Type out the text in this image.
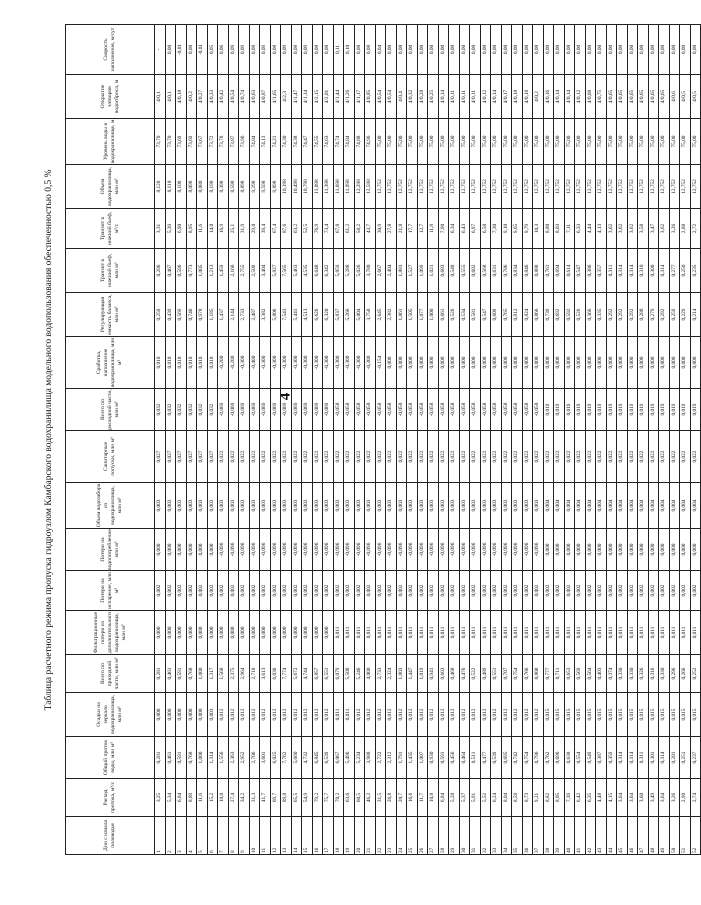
4
Таблица расчетного режима пропуска гидроузлом Камбарского водохранилища модельного водопользования обеспеченностью 0,5 %
Дни с начала половодья	Расход притока, м³/с	Общий приток воды, млн м³	Осадки на зеркало водохранилища, млн м³	Всего по приходной части, млн м³	Фильтрационные потери из дополнительного водохранилища, млн м³	Потери на испарение, млн м³	Потери на водопотребление, млн м³	Объем водозабора из водохранилища, млн м³	Санитарные попуски, млн м³	Всего по расходной части, млн м³	Сработка, наполнение водохранилища, млн м³	Регулирующая емкость баланса, млн м³	Транзит в нижний бьеф, млн м³	Транзит в нижний бьеф, м³/с	Объем водохранилища, млн м³	Уровень воды в водохранилище, м	Открытие затворов водосброса, м	Скорость наполнения, м/сут
1	3,25	0,281	0,000	0,281	0,000	0,002	0,000	0,003	0,027	0,032	0,010	0,259	0,286	3,31	8,128	73,70	4/0,1	-
2	5,34	0,461	0,000	0,461	0,000	0,002	0,000	0,003	0,027	0,032	0,010	0,439	0,467	5,39	8,118	73,70	4/0,1	0,00
3	6,84	0,591	0,000	0,591	0,000	0,002	0,000	0,003	0,027	0,032	0,010	0,569	0,596	6,90	8,108	73,69	4/0,18	-0,01
4	8,89	0,768	0,000	0,768	0,000	0,002	0,000	0,003	0,027	0,032	0,010	0,746	0,773	8,95	8,098	73,69	4/0,2	0,00
5	11,6	1,000	0,000	1,000	0,000	0,002	0,000	0,003	0,027	0,032	0,010	0,978	1,005	11,6	8,088	73,67	4/0,27	-0,01
6	15,2	1,314	0,003	1,317	0,000	0,002	0,000	0,003	0,027	0,032	0,010	1,185	1,213	14,0	8,198	73,72	4/0,33	0,05
7	18,0	1,556	0,012	1,568	0,000	0,002	-0,096	0,003	0,022	-0,069	-0,200	1,437	1,459	16,9	8,398	73,78	4/0,42	0,06
8	27,4	2,363	0,012	2,375	0,000	0,002	-0,096	0,003	0,022	-0,069	-0,200	2,144	2,166	25,1	8,598	73,87	4/0,54	0,09
9	34,2	2,952	0,012	2,964	0,000	0,002	-0,096	0,003	0,022	-0,069	-0,300	2,733	2,755	31,9	8,898	73,96	4/0,74	0,09
10	31,3	2,706	0,012	2,718	0,000	0,002	-0,096	0,003	0,022	-0,069	-0,400	2,487	2,509	29,0	9,298	74,04	4/0,63	0,08
11	41,7	3,601	0,012	3,613	0,000	0,002	-0,096	0,003	0,022	-0,069	-0,300	3,382	3,404	39,4	9,598	74,13	4/0,87	0,09
12	69,7	6,025	0,012	6,036	0,000	0,002	-0,096	0,003	0,022	-0,069	-0,300	5,806	5,827	67,4	9,898	74,21	4/1,65	0,08
13	89,8	7,762	0,012	7,774	0,000	0,002	-0,096	0,003	0,022	-0,069	-0,300	7,543	7,565	87,6	10,198	74,30	4/2,3	0,09
14	65,5	5,660	0,012	5,672	0,000	0,002	-0,096	0,003	0,022	-0,069	-0,300	5,441	5,463	63,2	10,498	74,38	4/1,47	0,08
15	54,9	4,732	0,012	4,744	0,000	0,002	-0,096	0,003	0,022	-0,069	-0,300	4,513	4,535	52,5	10,798	74,47	4/1,14	0,09
16	79,2	6,845	0,012	6,857	0,000	0,002	-0,096	0,003	0,022	-0,069	-0,300	6,626	6,648	76,9	11,098	74,55	4/2,15	0,08
17	75,7	6,539	0,012	6,551	0,000	0,002	-0,096	0,003	0,022	-0,069	-0,300	6,320	6,342	73,4	11,398	74,63	4/2,01	0,08
18	70,2	6,067	0,011	6,079	0,011	0,002	-0,096	0,003	0,022	-0,058	-0,300	5,837	5,859	67,8	11,698	74,74	4/1,44	0,11
19	63,6	5,496	0,011	5,508	0,011	0,002	-0,096	0,003	0,022	-0,058	-0,300	5,266	5,288	61,2	11,998	74,84	4/1,26	0,10
20	60,5	5,234	0,012	5,246	0,011	0,002	-0,096	0,003	0,022	-0,058	-0,300	5,004	5,026	58,2	12,298	74,88	4/1,17	0,08
21	46,2	3,988	0,012	4,000	0,011	0,002	-0,096	0,003	0,022	-0,058	-0,300	3,758	3,780	43,7	12,598	74,96	4/0,85	0,08
22	31,5	2,722	0,012	2,733	0,011	0,002	-0,096	0,003	0,022	-0,058	-0,154	2,645	2,667	30,9	12,752	75,00	4/0,54	0,04
23	26,8	2,312	0,012	2,324	0,011	0,002	-0,096	0,003	0,022	-0,058	0,000	2,382	2,404	27,8	12,752	75,00	4/0,54	0,00
24	20,7	1,791	0,012	1,803	0,011	0,002	-0,096	0,003	0,022	-0,058	0,000	1,861	1,883	21,8	12,752	75,00	4/0,4	0,00
25	16,6	1,435	0,012	1,447	0,011	0,002	-0,096	0,003	0,022	-0,058	0,000	1,505	1,527	17,7	12,752	75,00	4/0,32	0,00
26	11,7	1,007	0,012	1,019	0,011	0,002	-0,096	0,003	0,022	-0,058	0,000	1,077	1,099	12,7	12,752	75,00	4/0,28	0,00
27	10,8	0,930	0,012	0,941	0,011	0,002	-0,096	0,003	0,022	-0,058	0,000	1,000	1,021	11,8	12,752	75,00	4/0,25	0,00
28	6,84	0,591	0,012	0,603	0,011	0,002	-0,096	0,003	0,022	-0,058	0,000	0,661	0,683	7,90	12,752	75,00	4/0,14	0,00
29	5,28	0,456	0,012	0,468	0,011	0,002	-0,096	0,003	0,022	-0,058	0,000	0,526	0,548	6,34	12,752	75,00	4/0,11	0,00
30	5,37	0,464	0,012	0,476	0,011	0,002	-0,096	0,003	0,022	-0,058	0,000	0,534	0,555	6,43	12,752	75,00	4/0,11	0,00
31	5,91	0,511	0,012	0,522	0,011	0,002	-0,096	0,003	0,022	-0,058	0,000	0,581	0,602	6,97	12,752	75,00	4/0,11	0,00
32	5,52	0,477	0,012	0,489	0,011	0,002	-0,096	0,003	0,022	-0,058	0,000	0,547	0,568	6,58	12,752	75,00	4/0,12	0,00
33	6,24	0,539	0,012	0,551	0,011	0,002	-0,096	0,003	0,022	-0,058	0,000	0,609	0,631	7,30	12,752	75,00	4/0,14	0,00
34	8,04	0,695	0,012	0,707	0,011	0,002	-0,096	0,003	0,022	-0,058	0,000	0,765	0,786	9,10	12,752	75,00	4/0,17	0,00
35	8,59	0,742	0,012	0,754	0,011	0,002	-0,096	0,003	0,022	-0,058	0,000	0,812	0,834	9,65	12,752	75,00	4/0,18	0,00
36	8,73	0,754	0,012	0,766	0,011	0,002	-0,096	0,003	0,022	-0,058	0,000	0,824	0,846	9,79	12,752	75,00	4/0,18	0,00
37	9,21	0,796	0,012	0,808	0,011	0,002	-0,096	0,003	0,022	-0,058	0,000	0,866	0,888	10,3	12,752	75,00	4/0,2	0,00
38	8,82	0,762	0,015	0,777	0,011	0,002	0,000	0,004	0,022	0,019	0,000	0,739	0,761	8,80	12,752	75,00	4/0,16	0,00
39	8,05	0,696	0,015	0,711	0,011	0,002	0,000	0,004	0,022	0,019	0,000	0,692	0,694	8,03	12,752	75,00	4/0,14	0,00
40	7,39	0,638	0,015	0,653	0,011	0,002	0,000	0,004	0,022	0,019	0,000	0,592	0,614	7,11	12,752	75,00	4/0,14	0,00
41	6,42	0,554	0,015	0,569	0,011	0,002	0,000	0,004	0,022	0,019	0,000	0,526	0,547	6,33	12,752	75,00	4/0,12	0,00
42	6,35	0,549	0,015	0,564	0,011	0,002	0,000	0,004	0,022	0,019	0,000	0,366	0,386	4,44	12,752	75,00	4/0,08	0,00
43	4,48	0,387	0,015	0,403	0,011	0,002	0,000	0,004	0,022	0,019	0,000	0,335	0,357	4,13	12,752	75,00	4/0,75	0,00
44	4,15	0,359	0,015	0,374	0,011	0,002	0,000	0,004	0,022	0,019	0,000	0,292	0,311	3,62	12,752	75,00	4/0,65	0,00
45	3,64	0,314	0,015	0,330	0,011	0,002	0,000	0,004	0,022	0,019	0,000	0,292	0,314	3,62	12,752	75,00	4/0,65	0,00
46	3,64	0,314	0,015	0,330	0,011	0,002	0,000	0,004	0,022	0,019	0,000	0,292	0,314	3,62	12,752	75,00	4/0,65	0,00
47	3,60	0,311	0,015	0,326	0,011	0,002	0,000	0,004	0,022	0,019	0,000	0,288	0,310	3,58	12,752	75,00	4/0,65	0,00
48	3,49	0,301	0,015	0,316	0,011	0,002	0,000	0,004	0,022	0,019	0,000	0,279	0,300	3,47	12,752	75,00	4/0,65	0,00
49	3,64	0,314	0,015	0,330	0,011	0,002	0,000	0,004	0,022	0,019	0,000	0,292	0,314	3,62	12,752	75,00	4/0,65	0,00
50	3,26	0,281	0,015	0,296	0,011	0,002	0,000	0,004	0,022	0,019	0,000	0,259	0,277	3,26	12,752	75,00	4/0,6	0,00
51	2,90	0,251	0,015	0,266	0,011	0,002	0,000	0,004	0,022	0,019	0,000	0,229	0,250	2,88	12,752	75,00	4/0,5	0,00
52	2,74	0,237	0,015	0,252	0,011	0,002	0,000	0,004	0,022	0,019	0,000	0,214	0,235	2,72	12,752	75,00	4/0,5	0,00
